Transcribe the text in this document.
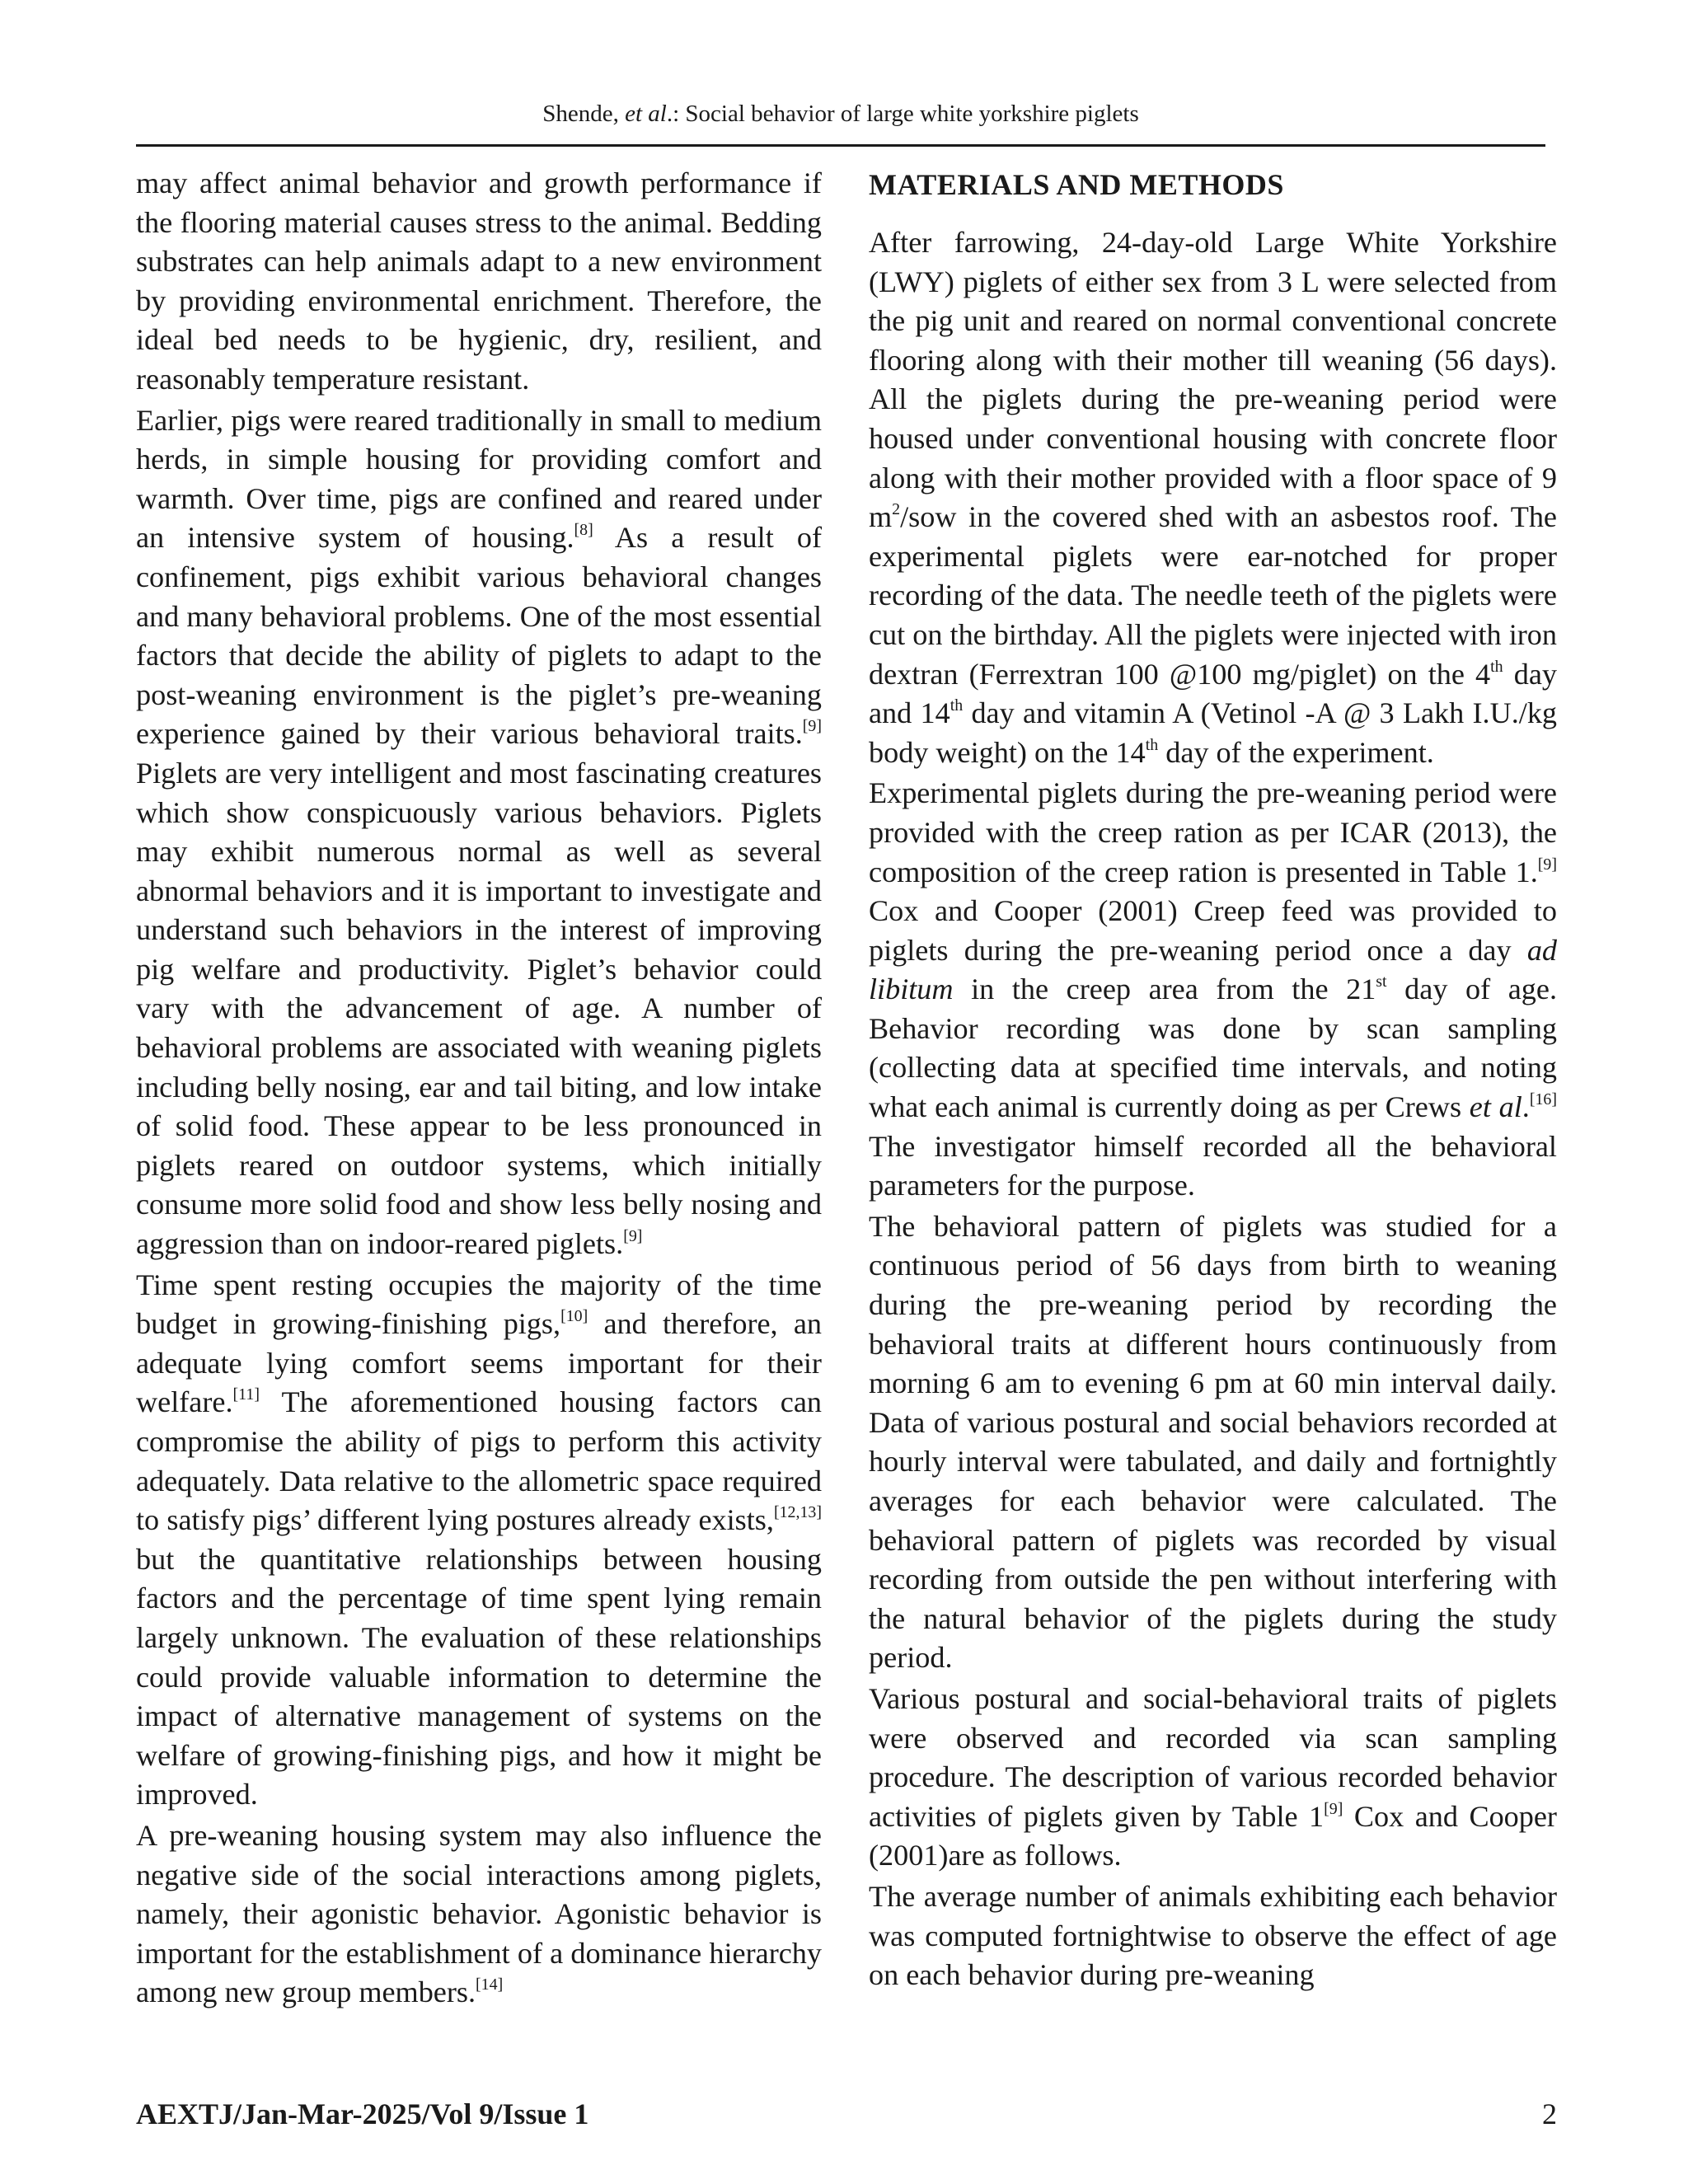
Shende, et al.: Social behavior of large white yorkshire piglets

may affect animal behavior and growth performance if the flooring material causes stress to the animal. Bedding substrates can help animals adapt to a new environment by providing environmental enrichment. Therefore, the ideal bed needs to be hygienic, dry, resilient, and reasonably temperature resistant.

Earlier, pigs were reared traditionally in small to medium herds, in simple housing for providing comfort and warmth. Over time, pigs are confined and reared under an intensive system of housing.[8] As a result of confinement, pigs exhibit various behavioral changes and many behavioral problems. One of the most essential factors that decide the ability of piglets to adapt to the post-weaning environment is the piglet’s pre-weaning experience gained by their various behavioral traits.[9] Piglets are very intelligent and most fascinating creatures which show conspicuously various behaviors. Piglets may exhibit numerous normal as well as several abnormal behaviors and it is important to investigate and understand such behaviors in the interest of improving pig welfare and productivity. Piglet’s behavior could vary with the advancement of age. A number of behavioral problems are associated with weaning piglets including belly nosing, ear and tail biting, and low intake of solid food. These appear to be less pronounced in piglets reared on outdoor systems, which initially consume more solid food and show less belly nosing and aggression than on indoor-reared piglets.[9]

Time spent resting occupies the majority of the time budget in growing-finishing pigs,[10] and therefore, an adequate lying comfort seems important for their welfare.[11] The aforementioned housing factors can compromise the ability of pigs to perform this activity adequately. Data relative to the allometric space required to satisfy pigs’ different lying postures already exists,[12,13] but the quantitative relationships between housing factors and the percentage of time spent lying remain largely unknown. The evaluation of these relationships could provide valuable information to determine the impact of alternative management of systems on the welfare of growing-finishing pigs, and how it might be improved.

A pre-weaning housing system may also influence the negative side of the social interactions among piglets, namely, their agonistic behavior. Agonistic behavior is important for the establishment of a dominance hierarchy among new group members.[14]

MATERIALS AND METHODS

After farrowing, 24-day-old Large White Yorkshire (LWY) piglets of either sex from 3 L were selected from the pig unit and reared on normal conventional concrete flooring along with their mother till weaning (56 days). All the piglets during the pre-weaning period were housed under conventional housing with concrete floor along with their mother provided with a floor space of 9 $m^2$/sow in the covered shed with an asbestos roof. The experimental piglets were ear-notched for proper recording of the data. The needle teeth of the piglets were cut on the birthday. All the piglets were injected with iron dextran (Ferrextran 100 @100 mg/piglet) on the 4th day and 14th day and vitamin A (Vetinol -A @ 3 Lakh I.U./kg body weight) on the 14th day of the experiment.

Experimental piglets during the pre-weaning period were provided with the creep ration as per ICAR (2013), the composition of the creep ration is presented in Table 1.[9] Cox and Cooper (2001) Creep feed was provided to piglets during the pre-weaning period once a day ad libitum in the creep area from the 21st day of age. Behavior recording was done by scan sampling (collecting data at specified time intervals, and noting what each animal is currently doing as per Crews et al.[16] The investigator himself recorded all the behavioral parameters for the purpose.

The behavioral pattern of piglets was studied for a continuous period of 56 days from birth to weaning during the pre-weaning period by recording the behavioral traits at different hours continuously from morning 6 am to evening 6 pm at 60 min interval daily. Data of various postural and social behaviors recorded at hourly interval were tabulated, and daily and fortnightly averages for each behavior were calculated. The behavioral pattern of piglets was recorded by visual recording from outside the pen without interfering with the natural behavior of the piglets during the study period.

Various postural and social-behavioral traits of piglets were observed and recorded via scan sampling procedure. The description of various recorded behavior activities of piglets given by Table 1[9] Cox and Cooper (2001)are as follows.

The average number of animals exhibiting each behavior was computed fortnightwise to observe the effect of age on each behavior during pre-weaning

AEXTJ/Jan-Mar-2025/Vol 9/Issue 1	2
